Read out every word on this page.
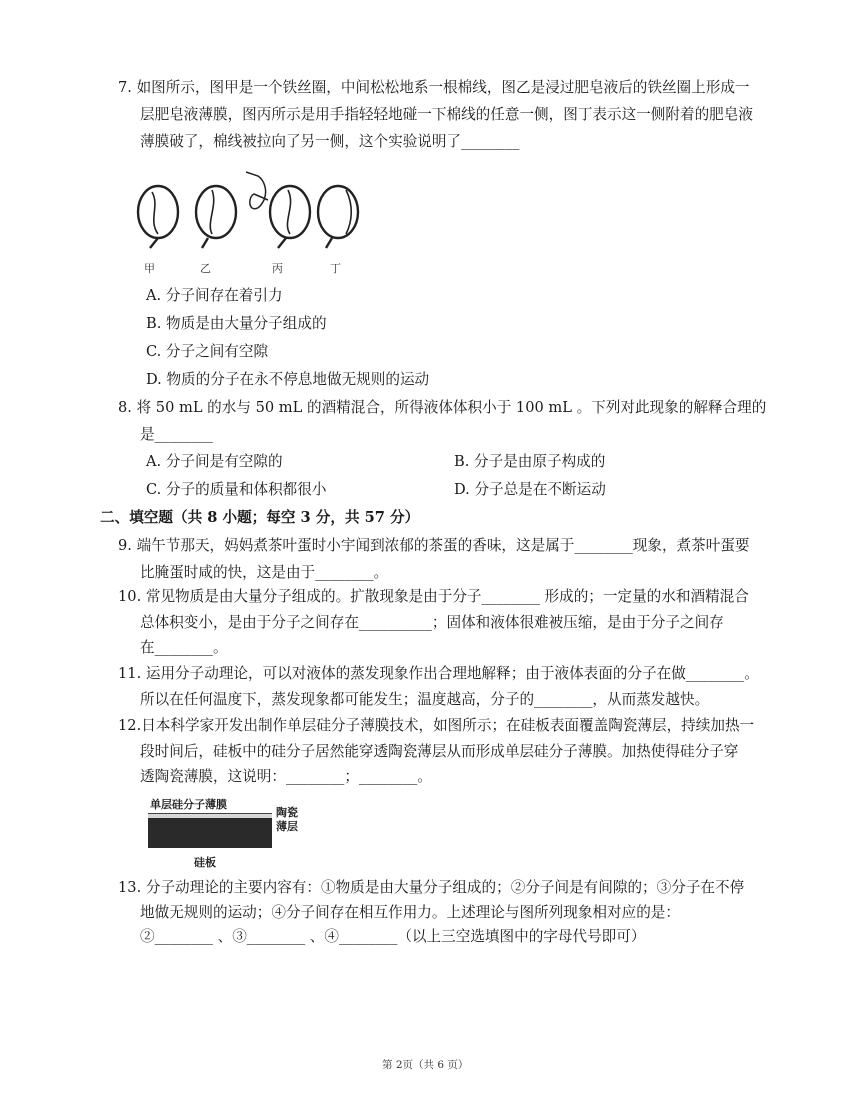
7. 如图所示，图甲是一个铁丝圈，中间松松地系一根棉线，图乙是浸过肥皂液后的铁丝圈上形成一
层肥皂液薄膜，图丙所示是用手指轻轻地碰一下棉线的任意一侧，图丁表示这一侧附着的肥皂液
薄膜破了，棉线被拉向了另一侧，这个实验说明了________
甲	乙	丙	丁
A. 分子间存在着引力
B. 物质是由大量分子组成的
C. 分子之间有空隙
D. 物质的分子在永不停息地做无规则的运动
8. 将 50 mL 的水与 50 mL 的酒精混合，所得液体体积小于 100 mL 。下列对此现象的解释合理的
是________
A. 分子间是有空隙的	B. 分子是由原子构成的
C. 分子的质量和体积都很小	D. 分子总是在不断运动
二、填空题（共 8 小题；每空 3 分，共 57 分）
9. 端午节那天，妈妈煮茶叶蛋时小宇闻到浓郁的茶蛋的香味，这是属于________现象，煮茶叶蛋要
比腌蛋时咸的快，这是由于________。
10. 常见物质是由大量分子组成的。扩散现象是由于分子________ 形成的；一定量的水和酒精混合
总体积变小，是由于分子之间存在__________；固体和液体很难被压缩，是由于分子之间存
在________。
11. 运用分子动理论，可以对液体的蒸发现象作出合理地解释；由于液体表面的分子在做________。
所以在任何温度下，蒸发现象都可能发生；温度越高，分子的________，从而蒸发越快。
12.日本科学家开发出制作单层硅分子薄膜技术，如图所示；在硅板表面覆盖陶瓷薄层，持续加热一
段时间后，硅板中的硅分子居然能穿透陶瓷薄层从而形成单层硅分子薄膜。加热使得硅分子穿
透陶瓷薄膜，这说明：________；________。
单层硅分子薄膜
陶瓷
薄层
硅板
13. 分子动理论的主要内容有：①物质是由大量分子组成的；②分子间是有间隙的；③分子在不停
地做无规则的运动；④分子间存在相互作用力。上述理论与图所列现象相对应的是：
②________ 、③________ 、④________（以上三空选填图中的字母代号即可）
第 2页（共 6 页）
